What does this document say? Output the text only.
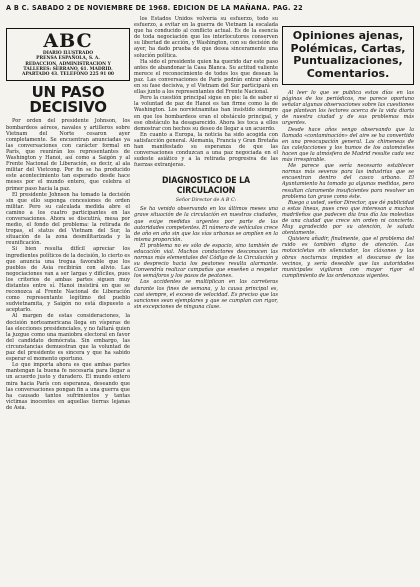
A B C. SABADO 2 DE NOVIEMBRE DE 1968. EDICION DE LA MAÑANA. PAG. 22
ABC
DIARIO ILUSTRADO
PRENSA ESPAÑOLA, S. A.
REDACCION, ADMINISTRACION Y
TALLERES: SERRANO, 61. MADRID.
APARTADO 43. TELEFONO 225 91 00
UN PASO DECISIVO

Por orden del presidente Johnson, los bombardeos aéreos, navales y artilleros sobre Vietnam del Norte cesaron ayer completamente. Se encuentran anunciadas ya las conversaciones con carácter formal en París, que reunirán los representantes de Washington y Hanoi, así como a Saigón y al Frente Nacional de Liberación, es decir, al ala militar del Vietcong. Por fin se ha producido este acontecimiento tan esperado desde hace meses por el mundo entero, que celebra el primer paso hacia la paz.

El presidente Johnson ha tomado la decisión sin que ello suponga concesiones de orden militar. Pero su calculada medida abre el camino a los cuatro participantes en las conversaciones. Ahora se discutirá, mesa por medio, el fondo del problema: la retirada de tropas, el status del Vietnam del Sur, la situación de la zona desmilitarizada y la reunificación.

Si bien resulta difícil apreciar los ingredientes políticos de la decisión, lo cierto es que anuncia una tregua favorable que los pueblos de Asia recibirán con alivio. Las negociaciones van a ser largas y difíciles, pues los criterios de ambas partes siguen muy distantes entre sí. Hanoi insistirá en que se reconozca al Frente Nacional de Liberación como representante legítimo del pueblo sudvietnamita, y Saigón no está dispuesto a aceptarlo.

Al margen de estas consideraciones, la decisión norteamericana llega en vísperas de las elecciones presidenciales, y no faltará quien la juzgue como una maniobra electoral en favor del candidato demócrata. Sin embargo, las circunstancias demuestran que la voluntad de paz del presidente es sincera y que ha sabido esperar el momento oportuno.

Lo que importa ahora es que ambas partes mantengan la buena fe necesaria para llegar a un acuerdo justo y duradero. El mundo entero mira hacia París con esperanza, deseando que las conversaciones pongan fin a una guerra que ha causado tantos sufrimientos y tantas víctimas inocentes en aquellas tierras lejanas de Asia.

los Estados Unidos volvería su esfuerzo, todo su esfuerzo, a evitar en la guerra de Vietnam la escalada que ha conducido al conflicto actual. Es de la esencia de toda negociación que los interlocutores conserven su libertad de acción, y Washington, con su decisión de ayer, ha dado prueba de que desea sinceramente una solución política.

Ha sido el presidente quien ha querido dar este paso antes de abandonar la Casa Blanca. Su actitud valiente merece el reconocimiento de todos los que desean la paz. Las conversaciones de París podrán entrar ahora en su fase decisiva, y el Vietnam del Sur participará en ellas junto a los representantes del Frente Nacional.

Pero la cuestión principal sigue en pie: la de saber si la voluntad de paz de Hanoi es tan firme como la de Washington. Los norvietnamitas han insistido siempre en que los bombardeos eran el obstáculo principal, y ese obstáculo ha desaparecido. Ahora les toca a ellos demostrar con hechos su deseo de llegar a un acuerdo.

En cuanto a Europa, la noticia ha sido acogida con satisfacción general. Alemania, Francia y Gran Bretaña han manifestado su esperanza de que las conversaciones conduzcan a una paz negociada en el sudeste asiático y a la retirada progresiva de las fuerzas extranjeras.

DIAGNOSTICO DE LA CIRCULACION
Señor Director de A B C:

Se ha venido observando en los últimos meses una grave situación de la circulación en nuestras ciudades, que exige medidas urgentes por parte de las autoridades competentes. El número de vehículos crece de año en año sin que las vías urbanas se amplíen en la misma proporción.

El problema no es sólo de espacio, sino también de educación vial. Muchos conductores desconocen las normas más elementales del Código de la Circulación y su desprecio hacia los peatones resulta alarmante. Convendría realizar campañas que enseñen a respetar los semáforos y los pasos de peatones.

Los accidentes se multiplican en las carreteras durante los fines de semana, y la causa principal es, casi siempre, el exceso de velocidad. Es preciso que las sanciones sean ejemplares y que se cumplan con rigor, sin excepciones de ninguna clase.

Opiniones ajenas,
Polémicas, Cartas,
Puntualizaciones,
Comentarios.

Al leer lo que se publica estos días en las páginas de los periódicos, me parece oportuno señalar algunas observaciones sobre las cuestiones que plantean los lectores acerca de la vida diaria de nuestra ciudad y de sus problemas más urgentes.

Desde hace años vengo observando que la llamada «contaminación» del aire se ha convertido en una preocupación general. Las chimeneas de las calefacciones y los humos de los automóviles hacen que la atmósfera de Madrid resulte cada vez más irrespirable.

Me parece que sería necesario establecer normas más severas para las industrias que se encuentran dentro del casco urbano. El Ayuntamiento ha tomado ya algunas medidas, pero resultan claramente insuficientes para resolver un problema tan grave como éste.

Ruego a usted, señor Director, que dé publicidad a estas líneas, pues creo que interesan a muchos madrileños que padecen día tras día las molestias de una ciudad que crece sin orden ni concierto. Muy agradecido por su atención, le saluda atentamente.

Quisiera añadir, finalmente, que el problema del ruido es también digno de atención. Las motocicletas sin silenciador, los cláxones y las obras nocturnas impiden el descanso de los vecinos, y sería deseable que las autoridades municipales vigilaran con mayor rigor el cumplimiento de las ordenanzas vigentes.
